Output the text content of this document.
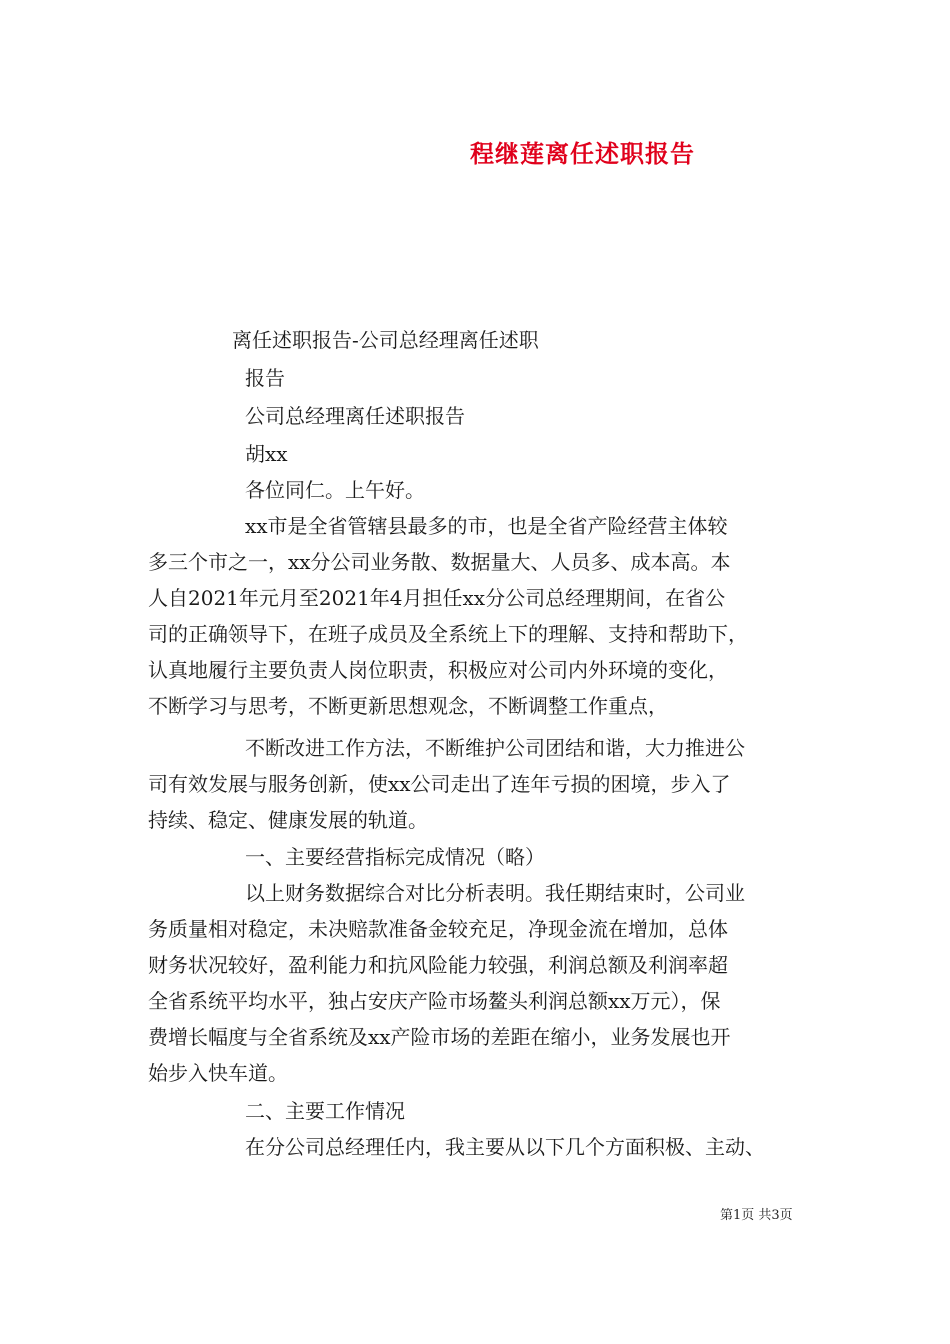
程继莲离任述职报告
离任述职报告-公司总经理离任述职
报告
公司总经理离任述职报告
胡xx
各位同仁。上午好。
xx市是全省管辖县最多的市，也是全省产险经营主体较
多三个市之一，xx分公司业务散、数据量大、人员多、成本高。本
人自2021年元月至2021年4月担任xx分公司总经理期间，在省公
司的正确领导下，在班子成员及全系统上下的理解、支持和帮助下，
认真地履行主要负责人岗位职责，积极应对公司内外环境的变化，
不断学习与思考，不断更新思想观念，不断调整工作重点，
不断改进工作方法，不断维护公司团结和谐，大力推进公
司有效发展与服务创新，使xx公司走出了连年亏损的困境，步入了
持续、稳定、健康发展的轨道。
一、主要经营指标完成情况（略）
以上财务数据综合对比分析表明。我任期结束时，公司业
务质量相对稳定，未决赔款准备金较充足，净现金流在增加，总体
财务状况较好，盈利能力和抗风险能力较强，利润总额及利润率超
全省系统平均水平，独占安庆产险市场鳌头利润总额xx万元），保
费增长幅度与全省系统及xx产险市场的差距在缩小，业务发展也开
始步入快车道。
二、主要工作情况
在分公司总经理任内，我主要从以下几个方面积极、主动、
第1页 共3页
